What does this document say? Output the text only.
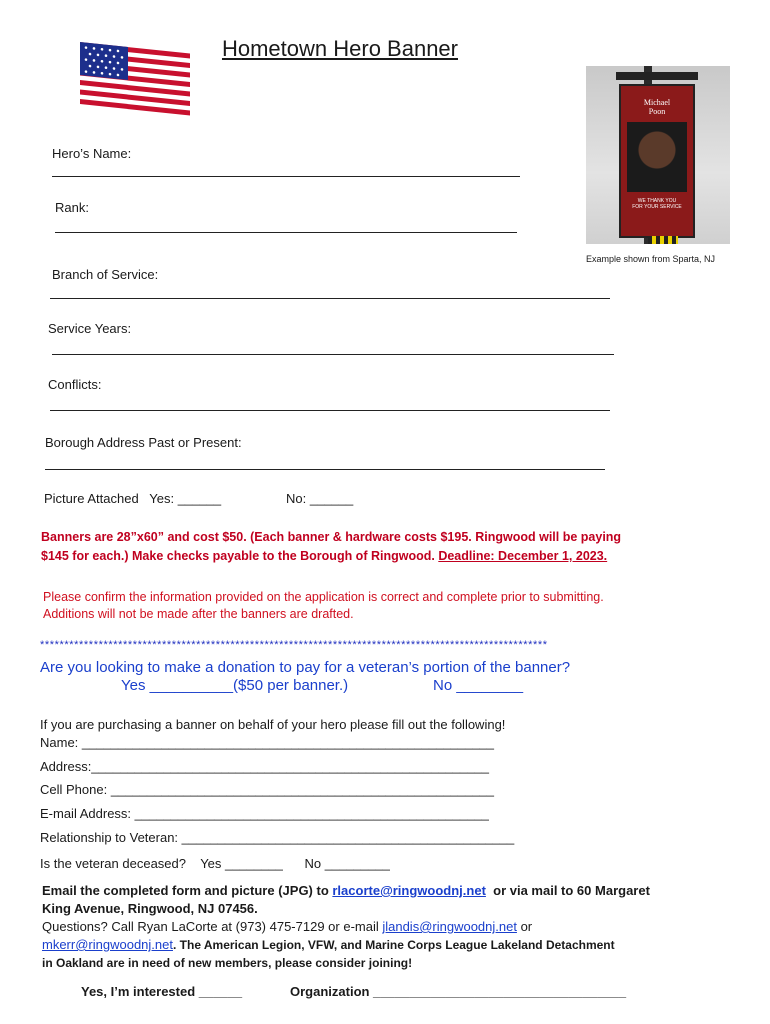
Hometown Hero Banner
Michael
Poon
WE THANK YOU
FOR YOUR SERVICE
Example shown from Sparta, NJ
Hero’s Name:
Rank:
Branch of Service:
Service Years:
Conflicts:
Borough Address Past or Present:
Picture Attached   Yes: ______	No: ______
Banners are 28”x60” and cost $50. (Each banner & hardware costs $195. Ringwood will be paying
$145 for each.) Make checks payable to the Borough of Ringwood. Deadline: December 1, 2023.
Please confirm the information provided on the application is correct and complete prior to submitting.
Additions will not be made after the banners are drafted.
********************************************************************************************************
Are you looking to make a donation to pay for a veteran’s portion of the banner?
Yes __________($50 per banner.)	No ________
If you are purchasing a banner on behalf of your hero please fill out the following!
Name: _________________________________________________________
Address:_______________________________________________________
Cell Phone: _____________________________________________________
E-mail Address: _________________________________________________
Relationship to Veteran: ______________________________________________
Is the veteran deceased?    Yes ________      No _________
Email the completed form and picture (JPG) to rlacorte@ringwoodnj.net  or via mail to 60 Margaret
King Avenue, Ringwood, NJ 07456.
Questions? Call Ryan LaCorte at (973) 475-7129 or e-mail jlandis@ringwoodnj.net or
mkerr@ringwoodnj.net. The American Legion, VFW, and Marine Corps League Lakeland Detachment
in Oakland are in need of new members, please consider joining!
Yes, I’m interested ______	Organization ___________________________________
